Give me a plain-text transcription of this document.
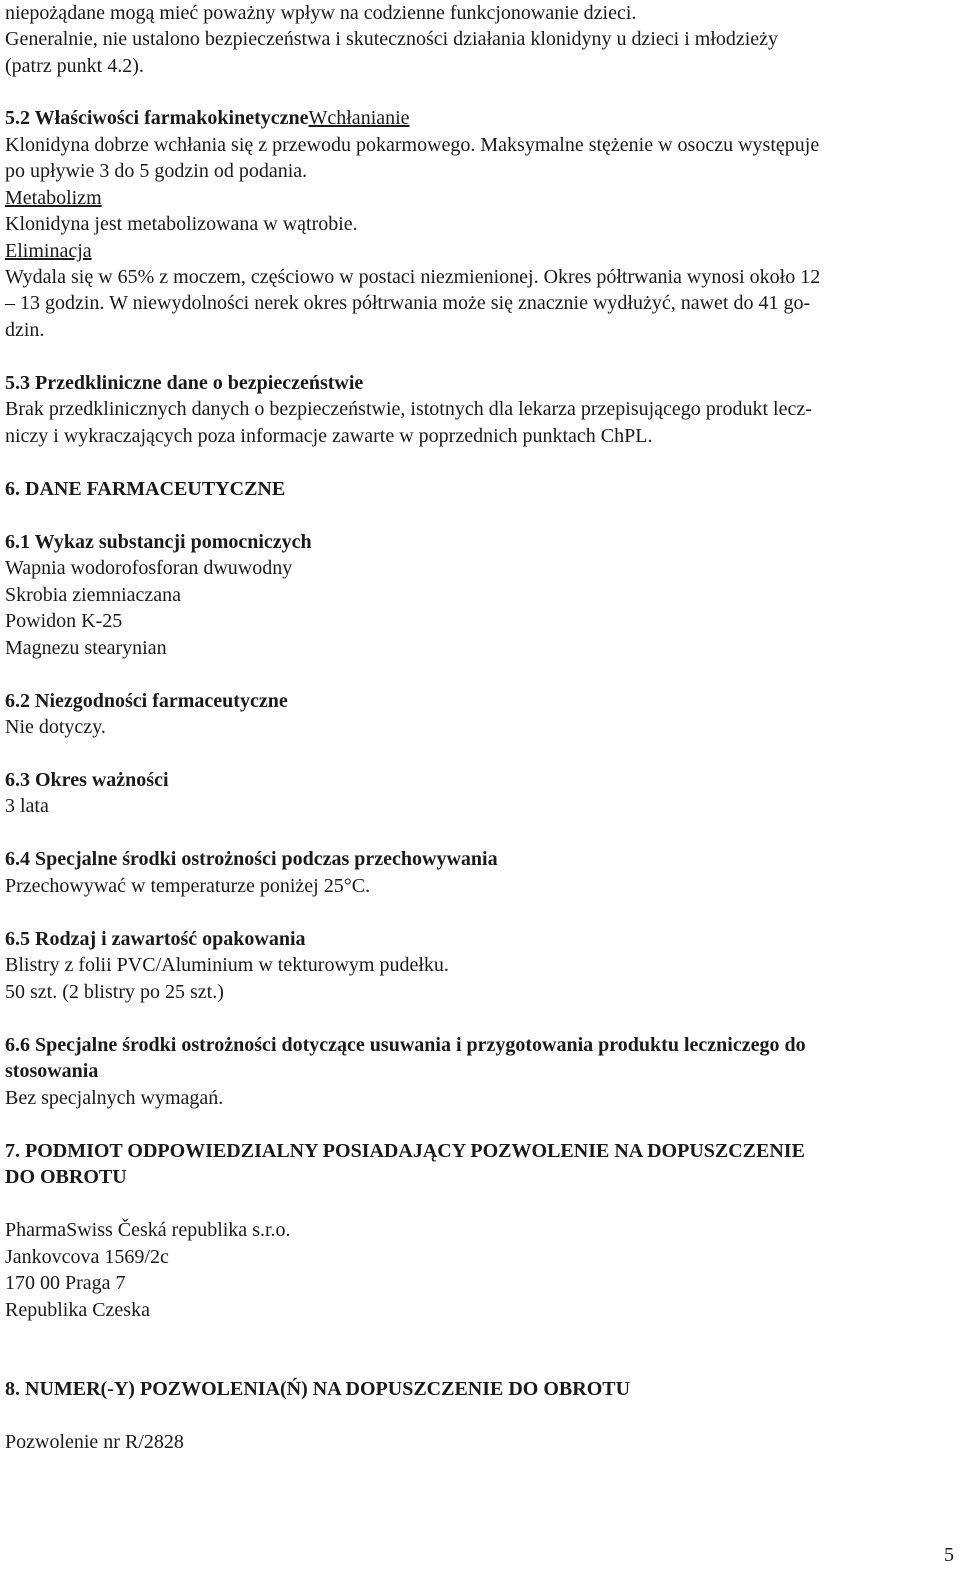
niepożądane mogą mieć poważny wpływ na codzienne funkcjonowanie dzieci.
Generalnie, nie ustalono bezpieczeństwa i skuteczności działania klonidyny u dzieci i młodzieży
(patrz punkt 4.2).
5.2 Właściwości farmakokinetyczneWchłanianie
Klonidyna dobrze wchłania się z przewodu pokarmowego. Maksymalne stężenie w osoczu występuje
po upływie 3 do 5 godzin od podania.
Metabolizm
Klonidyna jest metabolizowana w wątrobie.
Eliminacja
Wydala się w 65% z moczem, częściowo w postaci niezmienionej. Okres półtrwania wynosi około 12
– 13 godzin. W niewydolności nerek okres półtrwania może się znacznie wydłużyć, nawet do 41 go-
dzin.
5.3 Przedkliniczne dane o bezpieczeństwie
Brak przedklinicznych danych o bezpieczeństwie, istotnych dla lekarza przepisującego produkt lecz-
niczy i wykraczających poza informacje zawarte w poprzednich punktach ChPL.
6. DANE FARMACEUTYCZNE
6.1 Wykaz substancji pomocniczych
Wapnia wodorofosforan dwuwodny
Skrobia ziemniaczana
Powidon K-25
Magnezu stearynian
6.2 Niezgodności farmaceutyczne
Nie dotyczy.
6.3 Okres ważności
3 lata
6.4 Specjalne środki ostrożności podczas przechowywania
Przechowywać w temperaturze poniżej 25°C.
6.5 Rodzaj i zawartość opakowania
Blistry z folii PVC/Aluminium w tekturowym pudełku.
50 szt. (2 blistry po 25 szt.)
6.6 Specjalne środki ostrożności dotyczące usuwania i przygotowania produktu leczniczego do
stosowania
Bez specjalnych wymagań.
7. PODMIOT ODPOWIEDZIALNY POSIADAJĄCY POZWOLENIE NA DOPUSZCZENIE
DO OBROTU
PharmaSwiss Česká republika s.r.o.
Jankovcova 1569/2c
170 00 Praga 7
Republika Czeska
8. NUMER(-Y) POZWOLENIA(Ń) NA DOPUSZCZENIE DO OBROTU
Pozwolenie nr R/2828
5
